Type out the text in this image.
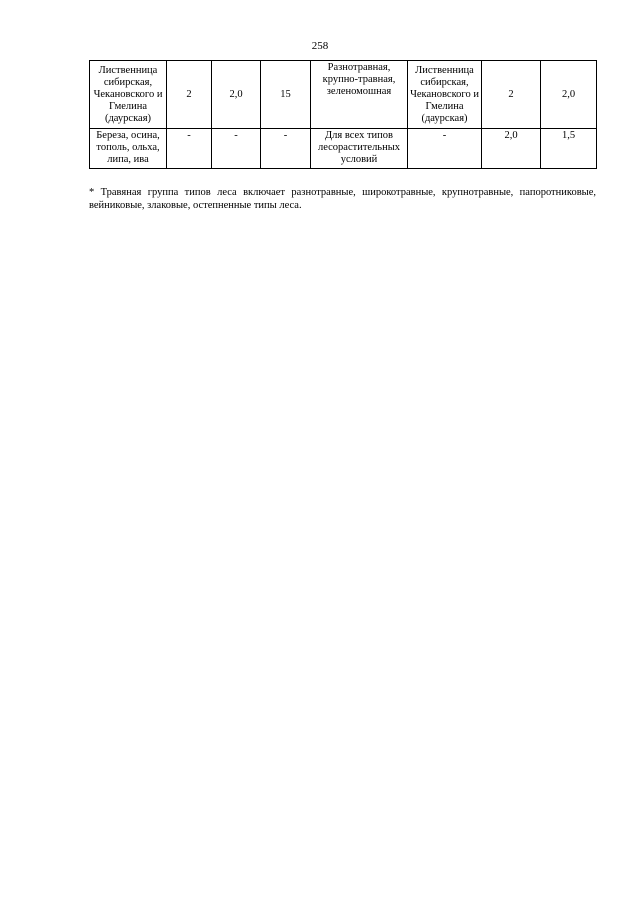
258
Лиственница сибирская, Чекановского и Гмелина (даурская)	2	2,0	15	Разнотравная, крупно-травная, зеленомошная	Лиственница сибирская, Чекановского и Гмелина (даурская)	2	2,0
Береза, осина, тополь, ольха, липа, ива	-	-	-	Для всех типов лесорастительных условий	-	2,0	1,5
* Травяная группа типов леса включает разнотравные, широкотравные, крупнотравные, папоротниковые, вейниковые, злаковые, остепненные типы леса.
